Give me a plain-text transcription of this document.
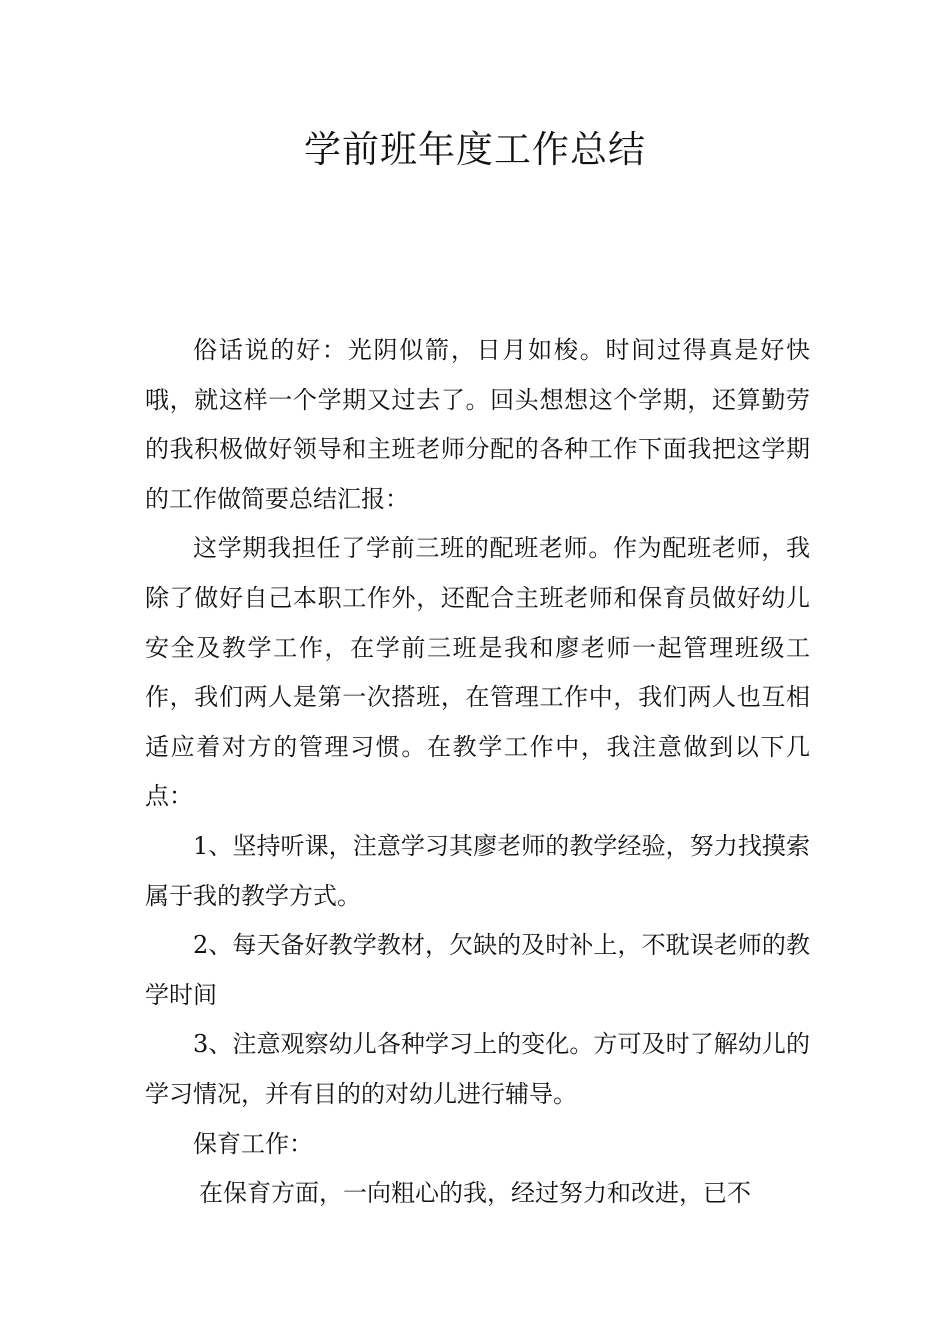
学前班年度工作总结

俗话说的好：光阴似箭，日月如梭。时间过得真是好快哦，就这样一个学期又过去了。回头想想这个学期，还算勤劳的我积极做好领导和主班老师分配的各种工作下面我把这学期的工作做简要总结汇报：

这学期我担任了学前三班的配班老师。作为配班老师，我除了做好自己本职工作外，还配合主班老师和保育员做好幼儿安全及教学工作，在学前三班是我和廖老师一起管理班级工作，我们两人是第一次搭班，在管理工作中，我们两人也互相适应着对方的管理习惯。在教学工作中，我注意做到以下几点：

1、坚持听课，注意学习其廖老师的教学经验，努力找摸索属于我的教学方式。

2、每天备好教学教材，欠缺的及时补上，不耽误老师的教学时间

3、注意观察幼儿各种学习上的变化。方可及时了解幼儿的学习情况，并有目的的对幼儿进行辅导。

保育工作：

在保育方面，一向粗心的我，经过努力和改进，已不
